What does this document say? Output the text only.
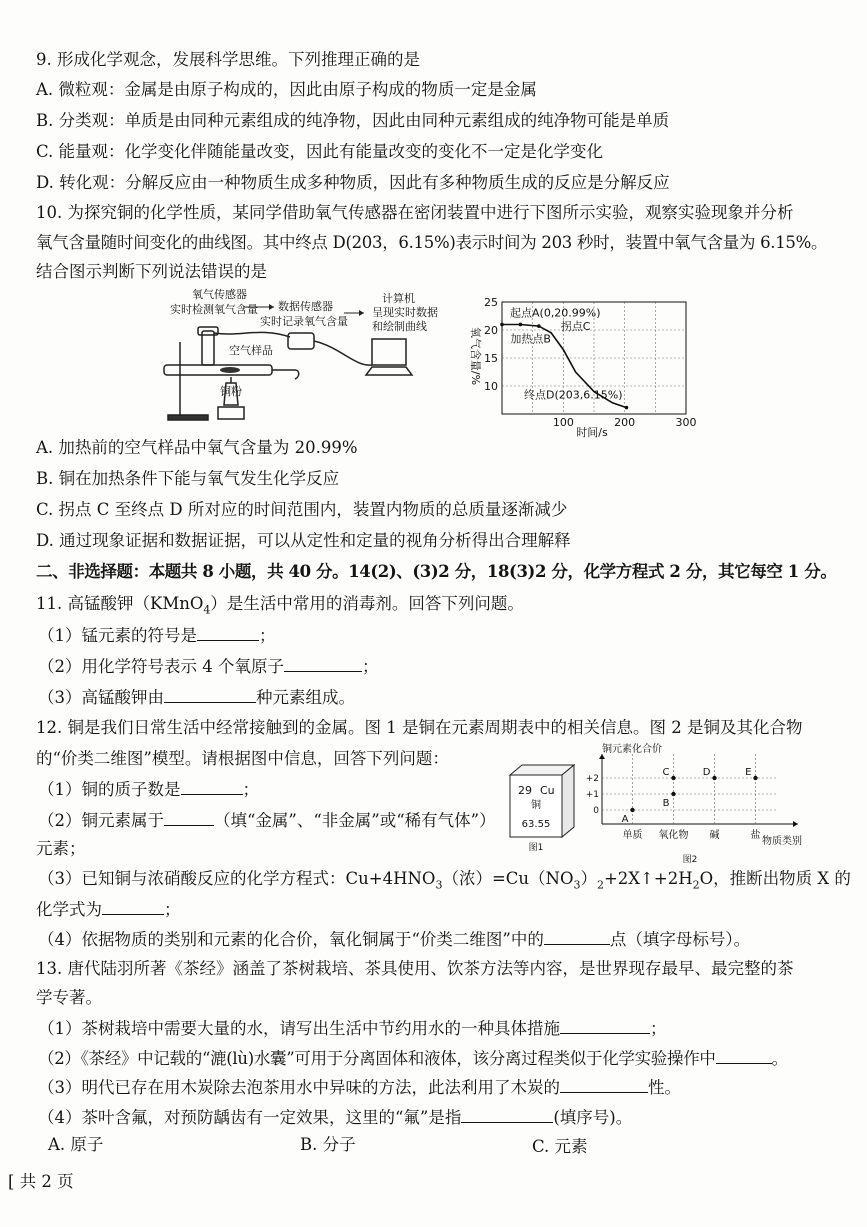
9. 形成化学观念，发展科学思维。下列推理正确的是
A. 微粒观：金属是由原子构成的，因此由原子构成的物质一定是金属
B. 分类观：单质是由同种元素组成的纯净物，因此由同种元素组成的纯净物可能是单质
C. 能量观：化学变化伴随能量改变，因此有能量改变的变化不一定是化学变化
D. 转化观：分解反应由一种物质生成多种物质，因此有多种物质生成的反应是分解反应
10. 为探究铜的化学性质，某同学借助氧气传感器在密闭装置中进行下图所示实验，观察实验现象并分析
氧气含量随时间变化的曲线图。其中终点 D(203，6.15%)表示时间为 203 秒时，装置中氧气含量为 6.15%。
结合图示判断下列说法错误的是
氧气传感器
实时检测氧气含量 数据传感器
实时记录氧气含量
计算机
呈现实时数据
和绘制曲线
空气样品
铜粉
25
20
15
10
100	200	300
起点A(0,20.99%)
拐点C
加热点B
终点D(203,6.15%)
氧气含量/%
时间/s
A. 加热前的空气样品中氧气含量为 20.99%
B. 铜在加热条件下能与氧气发生化学反应
C. 拐点 C 至终点 D 所对应的时间范围内，装置内物质的总质量逐渐减少
D. 通过现象证据和数据证据，可以从定性和定量的视角分析得出合理解释
二、非选择题：本题共 8 小题，共 40 分。14(2)、(3)2 分，18(3)2 分，化学方程式 2 分，其它每空 1 分。
11. 高锰酸钾（KMnO$_4$）是生活中常用的消毒剂。回答下列问题。
（1）锰元素的符号是	；
（2）用化学符号表示 4 个氧原子	；
（3）高锰酸钾由	种元素组成。
12. 铜是我们日常生活中经常接触到的金属。图 1 是铜在元素周期表中的相关信息。图 2 是铜及其化合物
的“价类二维图”模型。请根据图中信息，回答下列问题：
（1）铜的质子数是	；
（2）铜元素属于	（填“金属”、“非金属”或“稀有气体”）
元素；
29 Cu
铜
63.55
图1
铜元素化合价
+2
+1
0
单质 氧化物 碱	盐
A
B
C	D	E
物质类别
图2
（3）已知铜与浓硝酸反应的化学方程式：$Cu+4HNO_3$（浓）$=Cu(NO_3)_2+2X↑+2H_2O$，推断出物质 X 的
化学式为	；
（4）依据物质的类别和元素的化合价，氧化铜属于“价类二维图”中的	点（填字母标号）。
13. 唐代陆羽所著《茶经》涵盖了茶树栽培、茶具使用、饮茶方法等内容，是世界现存最早、最完整的茶
学专著。
（1）茶树栽培中需要大量的水，请写出生活中节约用水的一种具体措施	；
（2）《茶经》中记载的“漉(lù)水囊”可用于分离固体和液体，该分离过程类似于化学实验操作中	。
（3）明代已存在用木炭除去泡茶用水中异味的方法，此法利用了木炭的	性。
（4）茶叶含氟，对预防龋齿有一定效果，这里的“氟”是指	(填序号)。
A. 原子	B. 分子	C. 元素
[ 共 2 页
